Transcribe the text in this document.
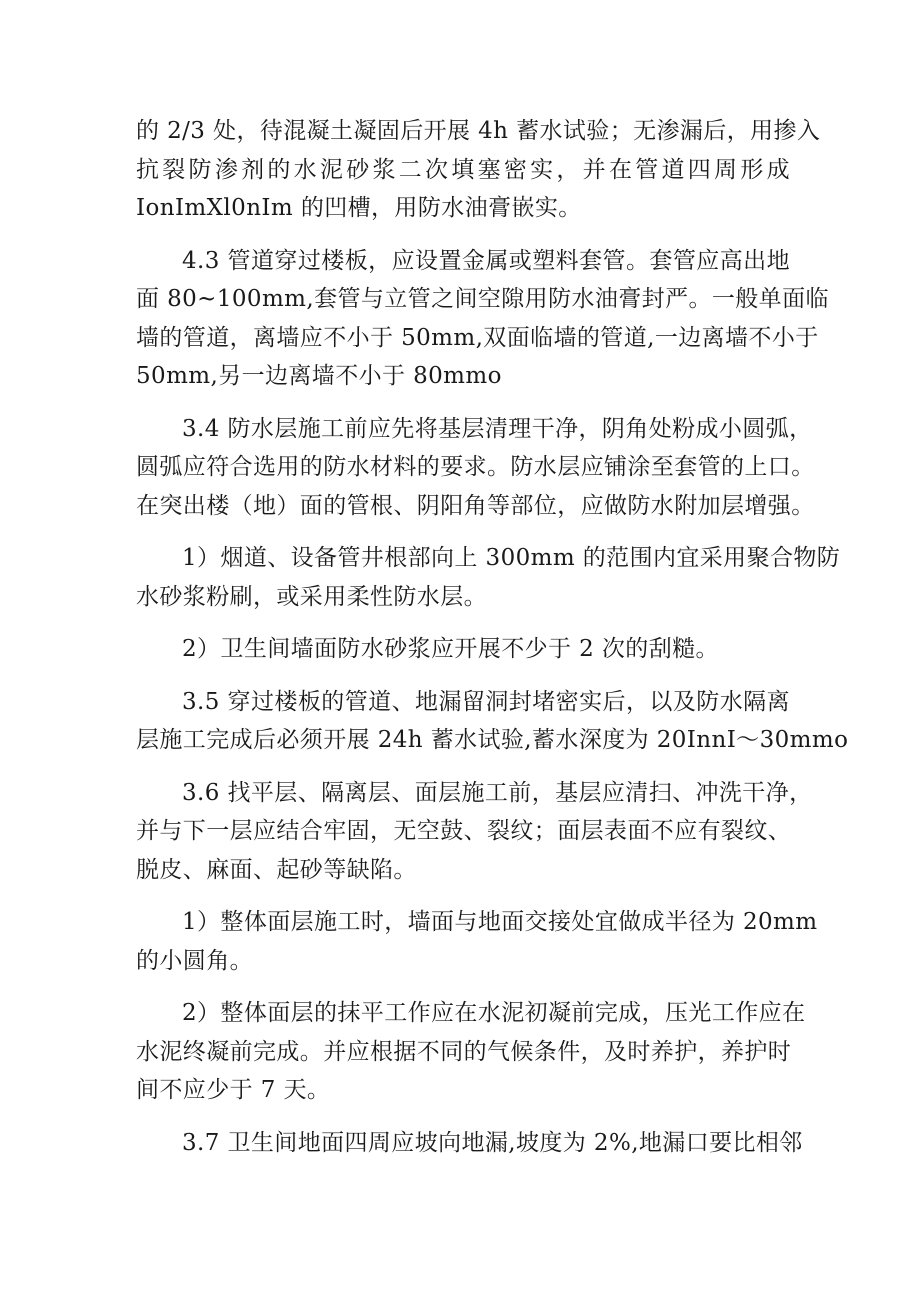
的 2/3 处，待混凝土凝固后开展 4h 蓄水试验；无渗漏后，用掺入
抗裂防渗剂的水泥砂浆二次填塞密实，并在管道四周形成
IonImXl0nIm 的凹槽，用防水油膏嵌实。

4.3 管道穿过楼板，应设置金属或塑料套管。套管应高出地
面 80~100mm,套管与立管之间空隙用防水油膏封严。一般单面临
墙的管道，离墙应不小于 50mm,双面临墙的管道,一边离墙不小于
50mm,另一边离墙不小于 80mmo

3.4 防水层施工前应先将基层清理干净，阴角处粉成小圆弧，
圆弧应符合选用的防水材料的要求。防水层应铺涂至套管的上口。
在突出楼（地）面的管根、阴阳角等部位，应做防水附加层增强。

1）烟道、设备管井根部向上 300mm 的范围内宜采用聚合物防
水砂浆粉刷，或采用柔性防水层。

2）卫生间墙面防水砂浆应开展不少于 2 次的刮糙。

3.5 穿过楼板的管道、地漏留洞封堵密实后，以及防水隔离
层施工完成后必须开展 24h 蓄水试验,蓄水深度为 20InnI～30mmo

3.6 找平层、隔离层、面层施工前，基层应清扫、冲洗干净，
并与下一层应结合牢固，无空鼓、裂纹；面层表面不应有裂纹、
脱皮、麻面、起砂等缺陷。

1）整体面层施工时，墙面与地面交接处宜做成半径为 20mm
的小圆角。

2）整体面层的抹平工作应在水泥初凝前完成，压光工作应在
水泥终凝前完成。并应根据不同的气候条件，及时养护，养护时
间不应少于 7 天。

3.7 卫生间地面四周应坡向地漏,坡度为 2%,地漏口要比相邻
